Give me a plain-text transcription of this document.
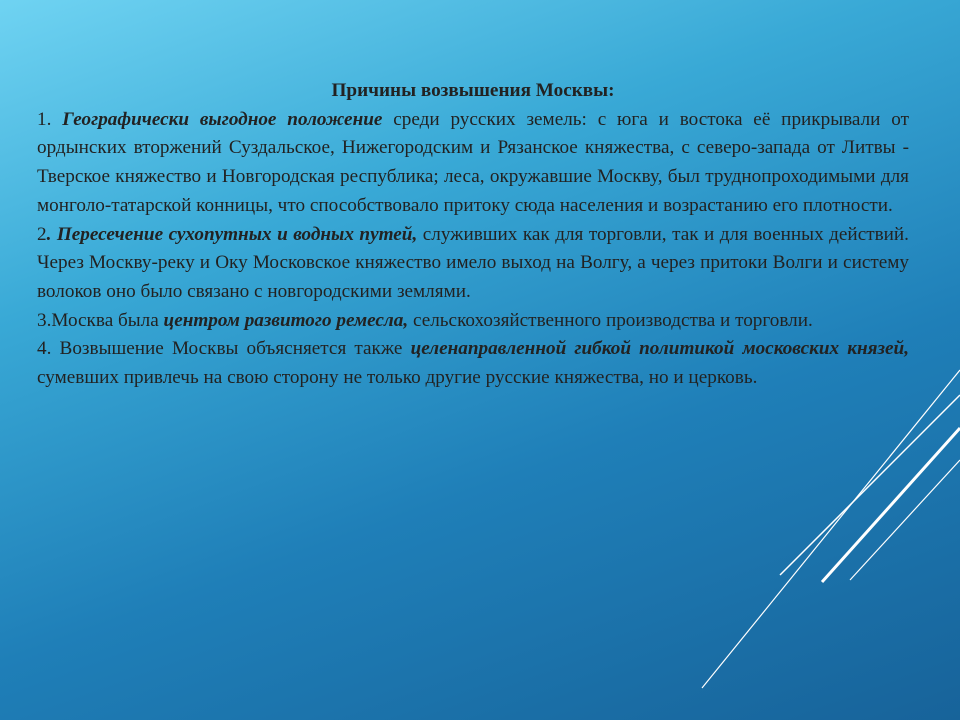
Причины возвышения Москвы:

1. Географически выгодное положение среди русских земель: с юга и востока её прикрывали от ордынских вторжений Суздальское, Нижегородским и Рязанское княжества, с северо-запада от Литвы - Тверское княжество и Новгородская республика; леса, окружавшие Москву, был труднопроходимыми для монголо-татарской конницы, что способствовало притоку сюда населения и возрастанию его плотности.

2. Пересечение сухопутных и водных путей, служивших как для торговли, так и для военных действий. Через Москву-реку и Оку Московское княжество имело выход на Волгу, а через притоки Волги и систему волоков оно было связано с новгородскими землями.

3.Москва была центром развитого ремесла, сельскохозяйственного производства и торговли.

4. Возвышение Москвы объясняется также целенаправленной гибкой политикой московских князей, сумевших привлечь на свою сторону не только другие русские княжества, но и церковь.
